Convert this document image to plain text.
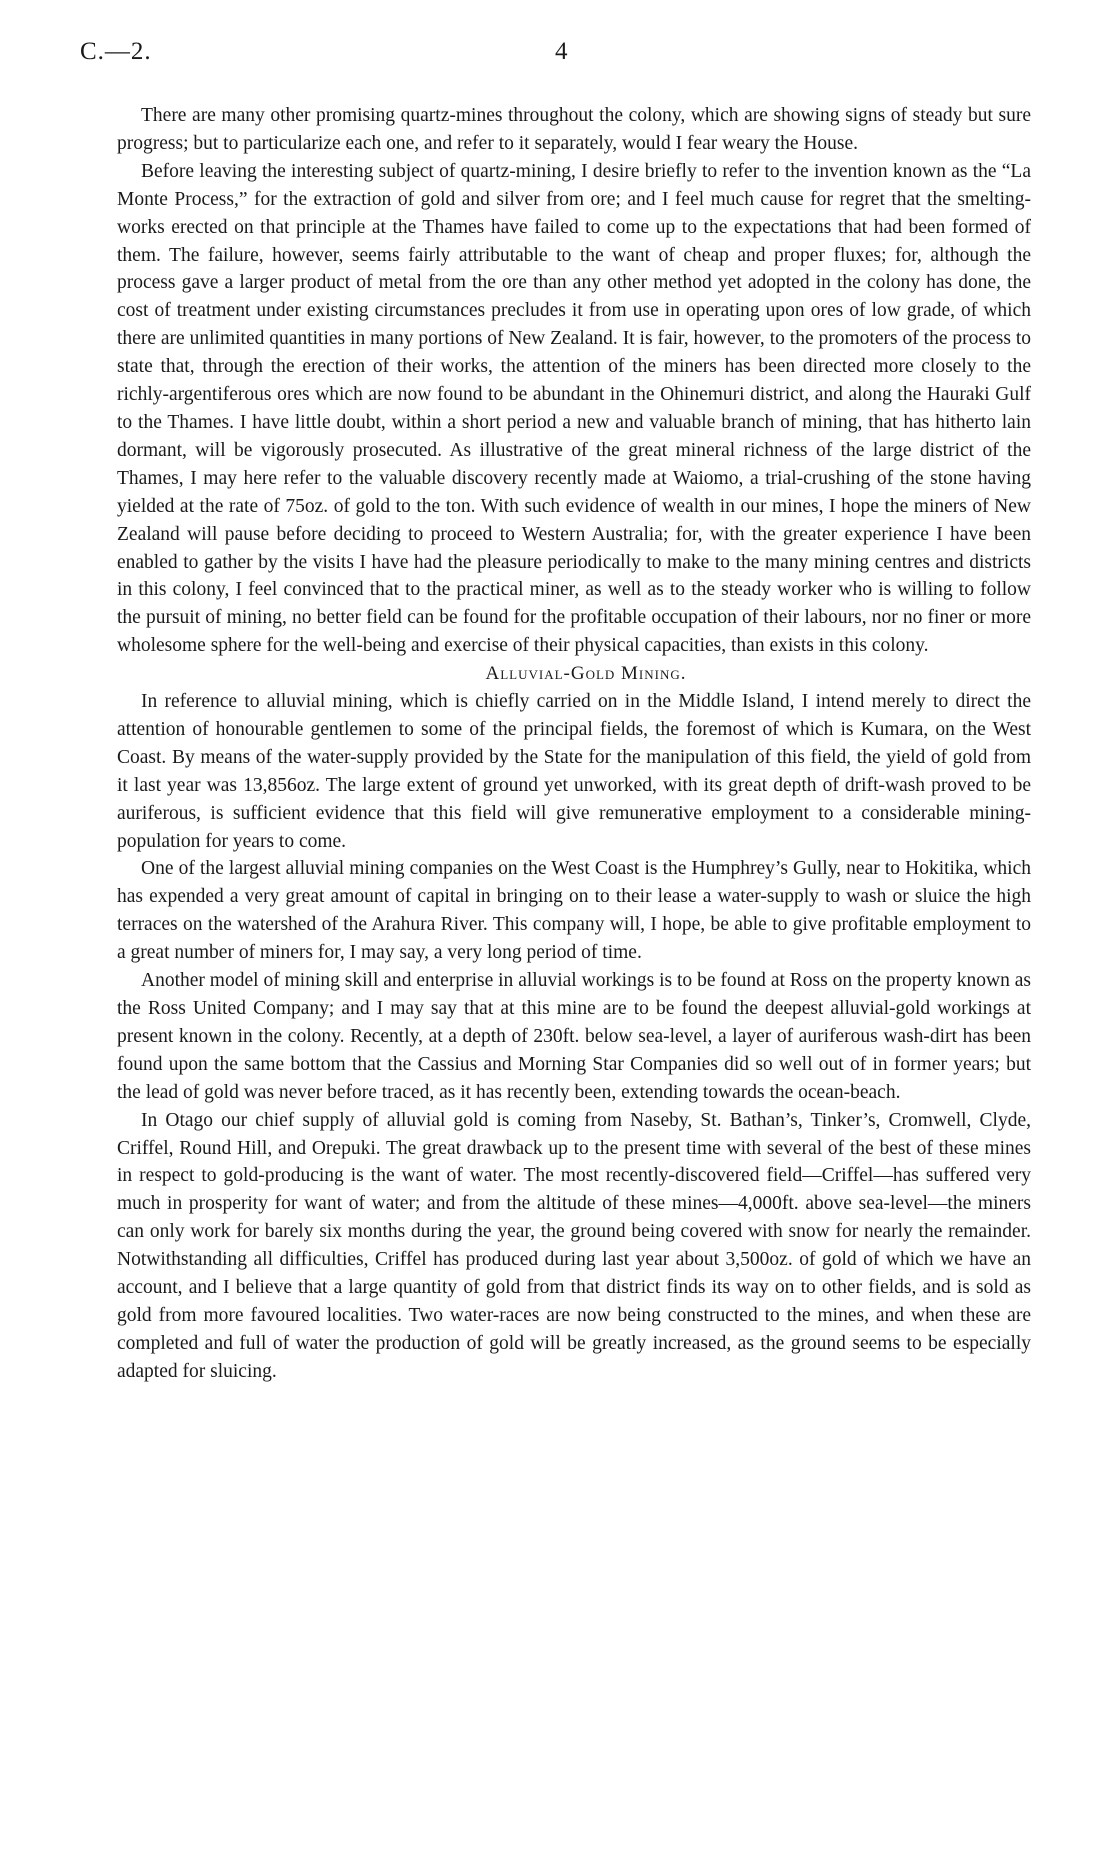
C.—2.	4

There are many other promising quartz-mines throughout the colony, which are showing signs of steady but sure progress; but to particularize each one, and refer to it separately, would I fear weary the House.

Before leaving the interesting subject of quartz-mining, I desire briefly to refer to the invention known as the “La Monte Process,” for the extraction of gold and silver from ore; and I feel much cause for regret that the smelting-works erected on that principle at the Thames have failed to come up to the expectations that had been formed of them. The failure, however, seems fairly attributable to the want of cheap and proper fluxes; for, although the process gave a larger product of metal from the ore than any other method yet adopted in the colony has done, the cost of treatment under existing circumstances precludes it from use in operating upon ores of low grade, of which there are unlimited quantities in many portions of New Zealand. It is fair, however, to the promoters of the process to state that, through the erection of their works, the attention of the miners has been directed more closely to the richly-argentiferous ores which are now found to be abundant in the Ohinemuri district, and along the Hauraki Gulf to the Thames. I have little doubt, within a short period a new and valuable branch of mining, that has hitherto lain dormant, will be vigorously prosecuted. As illustrative of the great mineral richness of the large district of the Thames, I may here refer to the valuable discovery recently made at Waiomo, a trial-crushing of the stone having yielded at the rate of 75oz. of gold to the ton. With such evidence of wealth in our mines, I hope the miners of New Zealand will pause before deciding to proceed to Western Australia; for, with the greater experience I have been enabled to gather by the visits I have had the pleasure periodically to make to the many mining centres and districts in this colony, I feel convinced that to the practical miner, as well as to the steady worker who is willing to follow the pursuit of mining, no better field can be found for the profitable occupation of their labours, nor no finer or more wholesome sphere for the well-being and exercise of their physical capacities, than exists in this colony.

Alluvial-Gold Mining.

In reference to alluvial mining, which is chiefly carried on in the Middle Island, I intend merely to direct the attention of honourable gentlemen to some of the principal fields, the foremost of which is Kumara, on the West Coast. By means of the water-supply provided by the State for the manipulation of this field, the yield of gold from it last year was 13,856oz. The large extent of ground yet unworked, with its great depth of drift-wash proved to be auriferous, is sufficient evidence that this field will give remunerative employment to a considerable mining-population for years to come.

One of the largest alluvial mining companies on the West Coast is the Humphrey’s Gully, near to Hokitika, which has expended a very great amount of capital in bringing on to their lease a water-supply to wash or sluice the high terraces on the watershed of the Arahura River. This company will, I hope, be able to give profitable employment to a great number of miners for, I may say, a very long period of time.

Another model of mining skill and enterprise in alluvial workings is to be found at Ross on the property known as the Ross United Company; and I may say that at this mine are to be found the deepest alluvial-gold workings at present known in the colony. Recently, at a depth of 230ft. below sea-level, a layer of auriferous wash-dirt has been found upon the same bottom that the Cassius and Morning Star Companies did so well out of in former years; but the lead of gold was never before traced, as it has recently been, extending towards the ocean-beach.

In Otago our chief supply of alluvial gold is coming from Naseby, St. Bathan’s, Tinker’s, Cromwell, Clyde, Criffel, Round Hill, and Orepuki. The great drawback up to the present time with several of the best of these mines in respect to gold-producing is the want of water. The most recently-discovered field—Criffel—has suffered very much in prosperity for want of water; and from the altitude of these mines—4,000ft. above sea-level—the miners can only work for barely six months during the year, the ground being covered with snow for nearly the remainder. Notwithstanding all difficulties, Criffel has produced during last year about 3,500oz. of gold of which we have an account, and I believe that a large quantity of gold from that district finds its way on to other fields, and is sold as gold from more favoured localities. Two water-races are now being constructed to the mines, and when these are completed and full of water the production of gold will be greatly increased, as the ground seems to be especially adapted for sluicing.
